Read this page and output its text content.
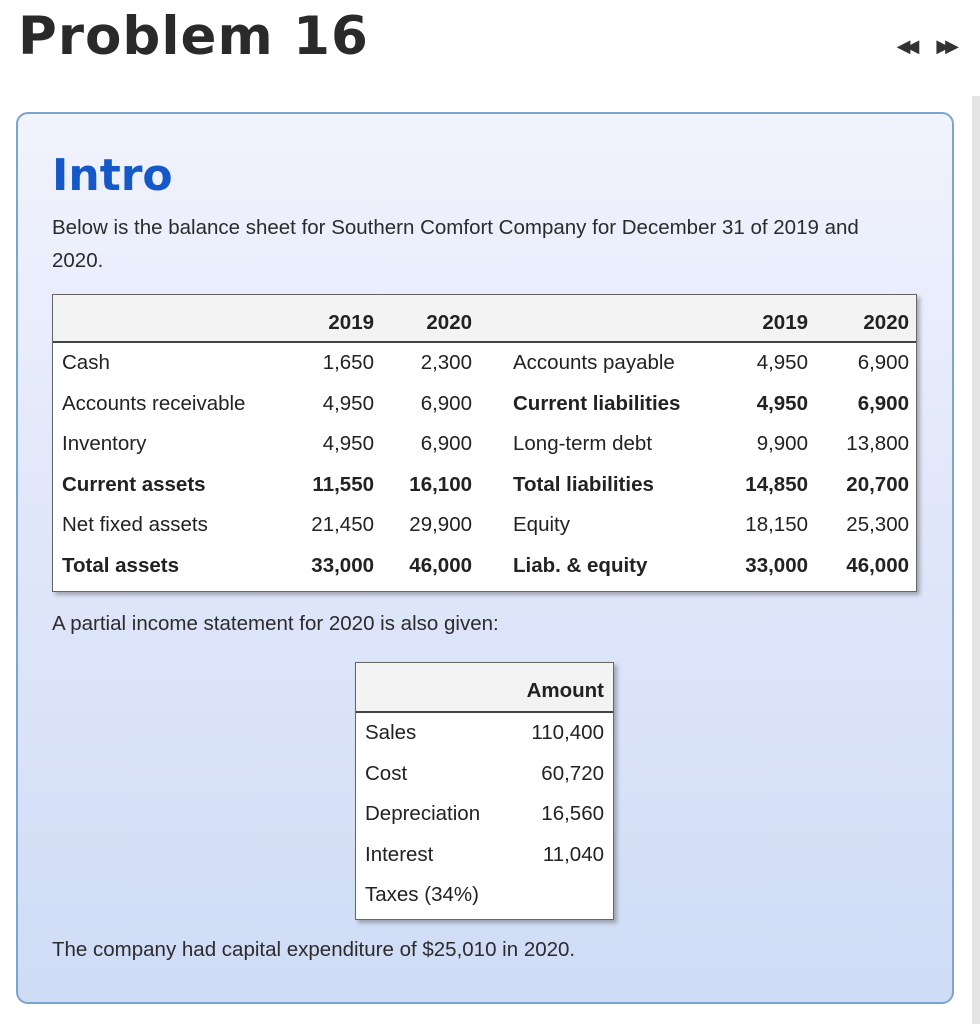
Problem 16	◀◀ ▶▶
Intro
Below is the balance sheet for Southern Comfort Company for December 31 of 2019 and 2020.
2019	2020	2019	2020
Cash	1,650 2,300 Accounts payable	4,950 6,900
Accounts receivable	4,950 6,900 Current liabilities	4,950 6,900
Inventory	4,950 6,900 Long-term debt	9,900 13,800
Current assets	11,550 16,100 Total liabilities	14,850 20,700
Net fixed assets	21,450 29,900 Equity	18,150 25,300
Total assets	33,000 46,000 Liab. & equity	33,000 46,000
A partial income statement for 2020 is also given:
Amount
Sales	110,400
Cost	60,720
Depreciation	16,560
Interest	11,040
Taxes (34%)
The company had capital expenditure of $25,010 in 2020.
